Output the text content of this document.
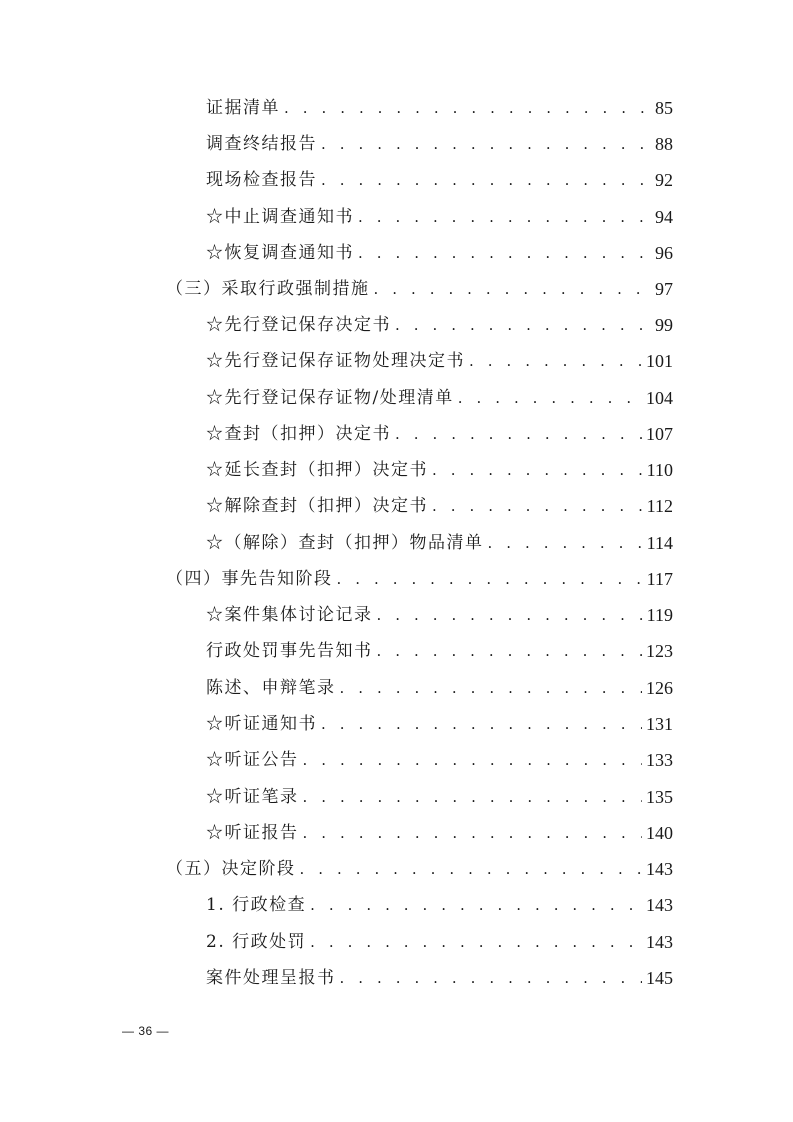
证据清单 . . .	85
调查终结报告 . . .	88
现场检查报告 . . .	92
☆中止调查通知书 . . .	94
☆恢复调查通知书 . . .	96
（三）采取行政强制措施 . . .	97
☆先行登记保存决定书 . . .	99
☆先行登记保存证物处理决定书 . . .	101
☆先行登记保存证物/处理清单 . . .	104
☆查封（扣押）决定书 . . .	107
☆延长查封（扣押）决定书 . . .	110
☆解除查封（扣押）决定书 . . .	112
☆（解除）查封（扣押）物品清单 . . .	114
（四）事先告知阶段 . . .	117
☆案件集体讨论记录 . . .	119
行政处罚事先告知书 . . .	123
陈述、申辩笔录 . . .	126
☆听证通知书 . . .	131
☆听证公告 . . .	133
☆听证笔录 . . .	135
☆听证报告 . . .	140
（五）决定阶段 . . .	143
1. 行政检查 . . .	143
2. 行政处罚 . . .	143
案件处理呈报书 . . .	145
— 36 —
